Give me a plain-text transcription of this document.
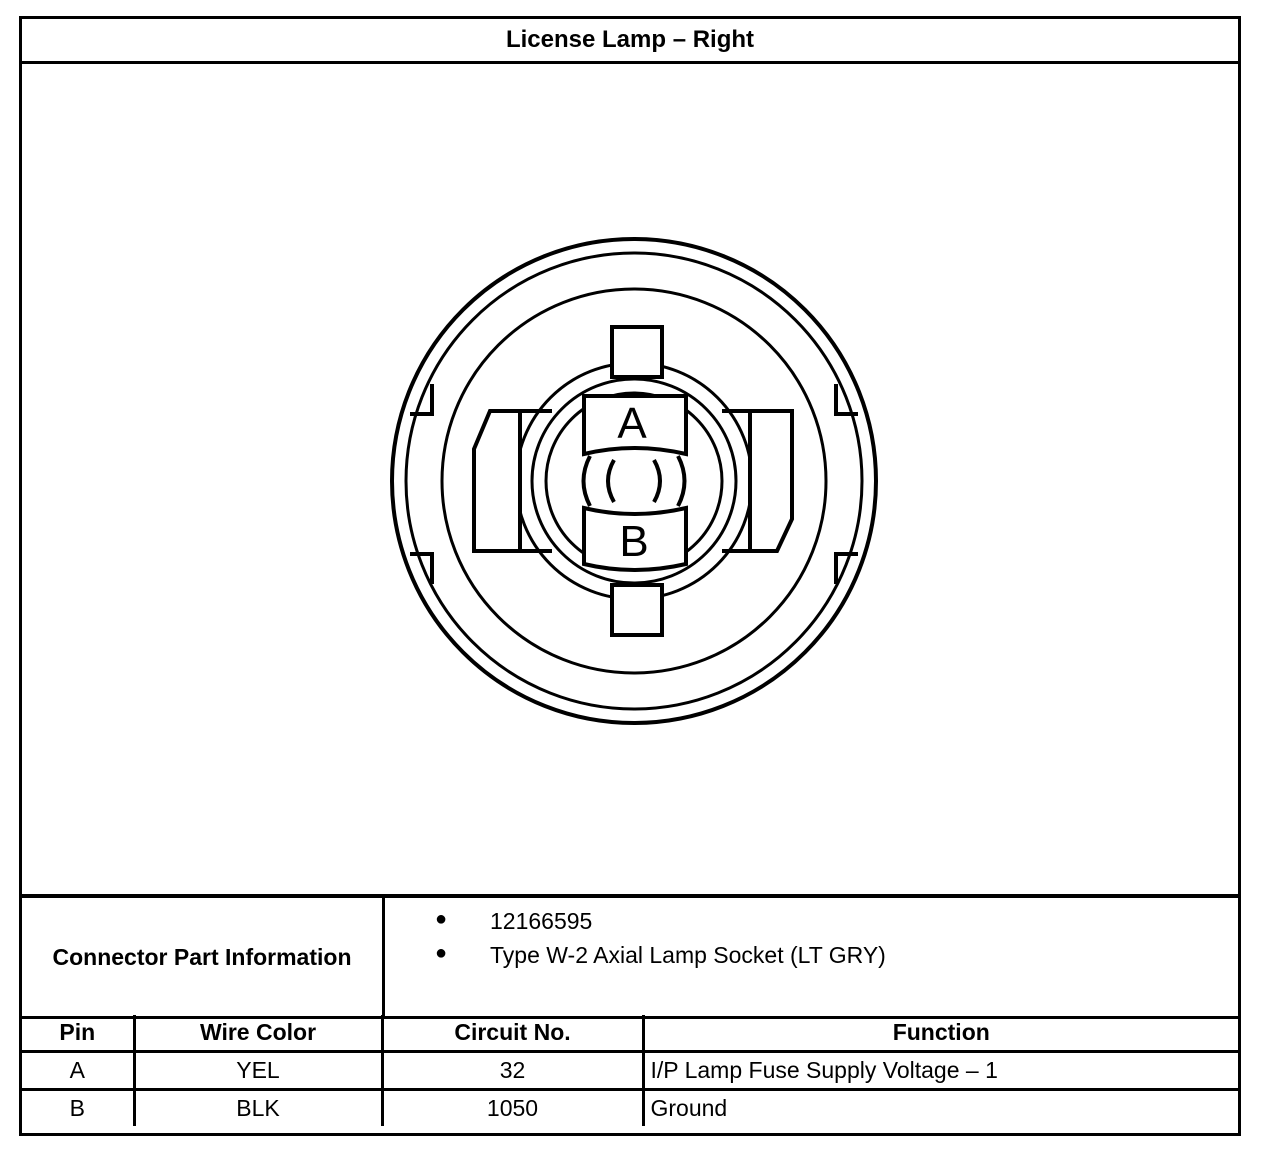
License Lamp – Right
A
B
Connector Part Information
●	12166595
●	Type W-2 Axial Lamp Socket (LT GRY)
Pin	Wire Color	Circuit No.	Function
A	YEL	32	I/P Lamp Fuse Supply Voltage – 1
B	BLK	1050	Ground
